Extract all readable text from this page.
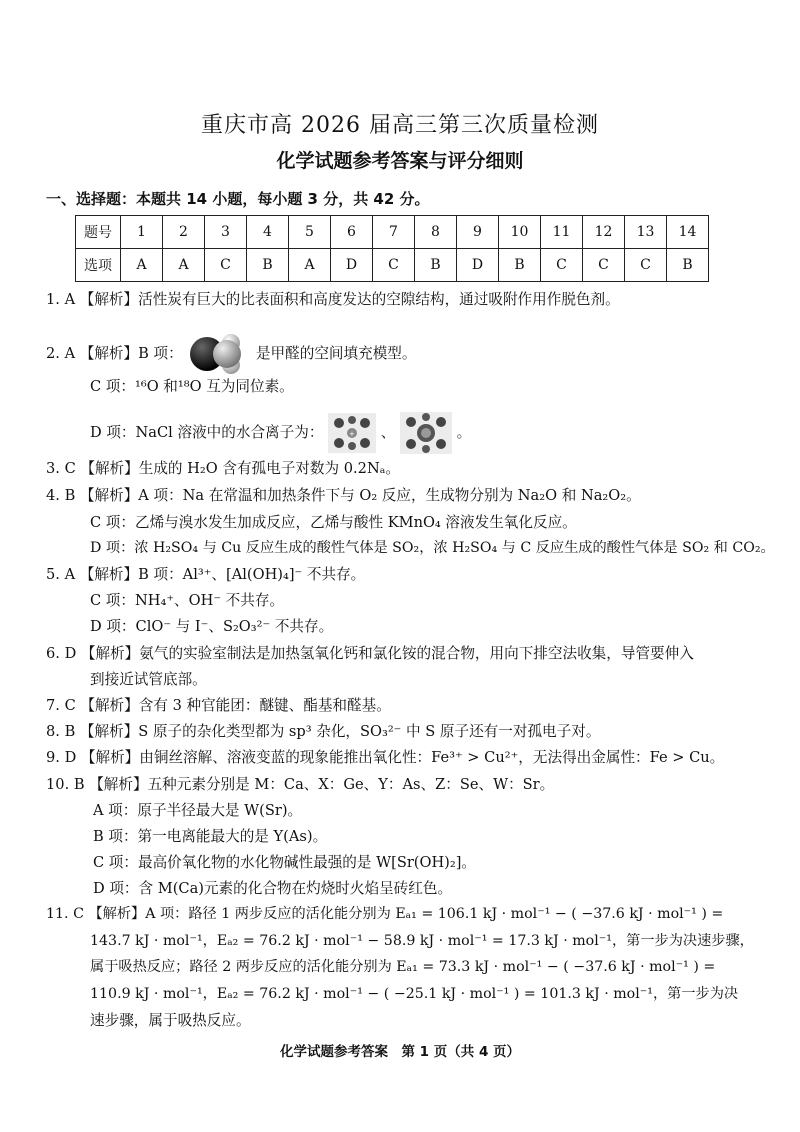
重庆市高 2026 届高三第三次质量检测
化学试题参考答案与评分细则
一、选择题：本题共 14 小题，每小题 3 分，共 42 分。
题号	1	2	3	4	5	6	7	8	9	10	11	12	13	14
选项	A	A	C	B	A	D	C	B	D	B	C	C	C	B
1. A 【解析】活性炭有巨大的比表面积和高度发达的空隙结构，通过吸附作用作脱色剂。
2. A 【解析】B 项：	是甲醛的空间填充模型。
C 项：¹⁶O 和¹⁸O 互为同位素。
D 项：NaCl 溶液中的水合离子为：	+ 、	。
3. C 【解析】生成的 H₂O 含有孤电子对数为 0.2Nₐ。
4. B 【解析】A 项：Na 在常温和加热条件下与 O₂ 反应，生成物分别为 Na₂O 和 Na₂O₂。
C 项：乙烯与溴水发生加成反应，乙烯与酸性 KMnO₄ 溶液发生氧化反应。
D 项：浓 H₂SO₄ 与 Cu 反应生成的酸性气体是 SO₂，浓 H₂SO₄ 与 C 反应生成的酸性气体是 SO₂ 和 CO₂。
5. A 【解析】B 项：Al³⁺、[Al(OH)₄]⁻ 不共存。
C 项：NH₄⁺、OH⁻ 不共存。
D 项：ClO⁻ 与 I⁻、S₂O₃²⁻ 不共存。
6. D 【解析】氨气的实验室制法是加热氢氧化钙和氯化铵的混合物，用向下排空法收集，导管要伸入
到接近试管底部。
7. C 【解析】含有 3 种官能团：醚键、酯基和醛基。
8. B 【解析】S 原子的杂化类型都为 sp³ 杂化，SO₃²⁻ 中 S 原子还有一对孤电子对。
9. D 【解析】由铜丝溶解、溶液变蓝的现象能推出氧化性：Fe³⁺ > Cu²⁺，无法得出金属性：Fe > Cu。
10. B 【解析】五种元素分别是 M：Ca、X：Ge、Y：As、Z：Se、W：Sr。
A 项：原子半径最大是 W(Sr)。
B 项：第一电离能最大的是 Y(As)。
C 项：最高价氧化物的水化物碱性最强的是 W[Sr(OH)₂]。
D 项：含 M(Ca)元素的化合物在灼烧时火焰呈砖红色。
11. C 【解析】A 项：路径 1 两步反应的活化能分别为 Eₐ₁ = 106.1 kJ · mol⁻¹ − ( −37.6 kJ · mol⁻¹ ) =
143.7 kJ · mol⁻¹，Eₐ₂ = 76.2 kJ · mol⁻¹ − 58.9 kJ · mol⁻¹ = 17.3 kJ · mol⁻¹，第一步为决速步骤，
属于吸热反应；路径 2 两步反应的活化能分别为 Eₐ₁ = 73.3 kJ · mol⁻¹ − ( −37.6 kJ · mol⁻¹ ) =
110.9 kJ · mol⁻¹，Eₐ₂ = 76.2 kJ · mol⁻¹ − ( −25.1 kJ · mol⁻¹ ) = 101.3 kJ · mol⁻¹，第一步为决
速步骤，属于吸热反应。
化学试题参考答案　第 1 页（共 4 页）
